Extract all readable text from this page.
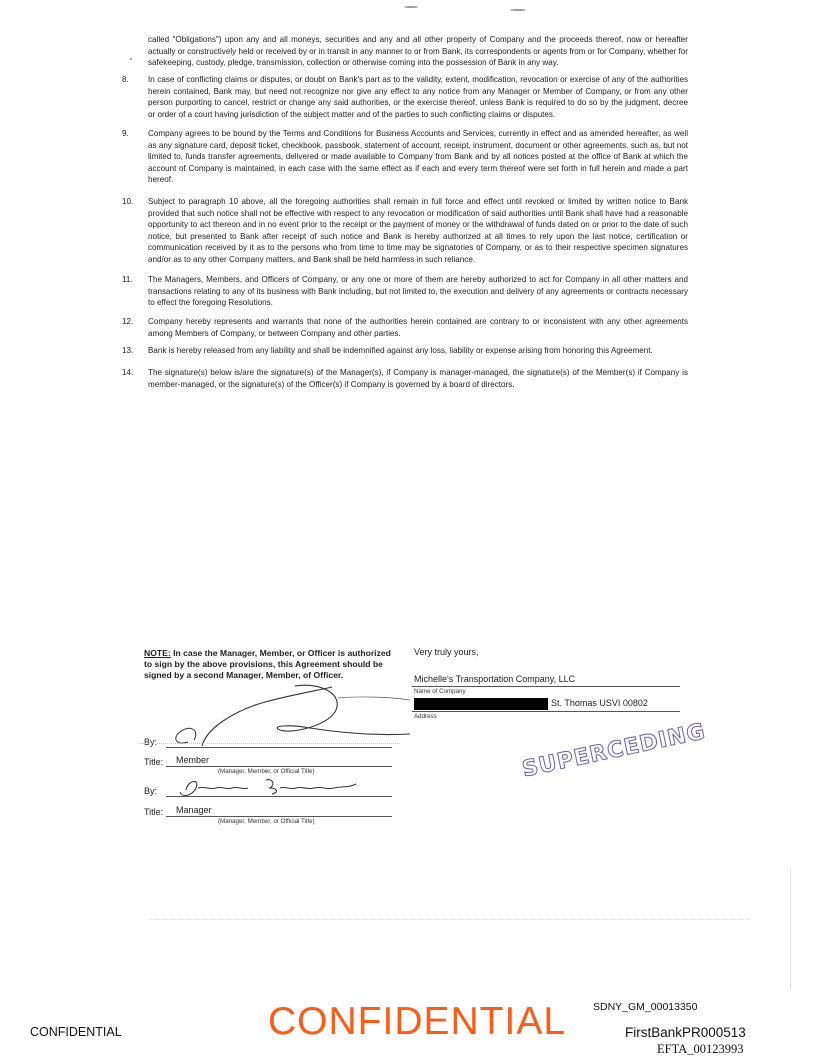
called "Obligations") upon any and all moneys, securities and any and all other property of Company and the proceeds thereof, now or hereafter actually or constructively held or received by or in transit in any manner to or from Bank, its correspondents or agents from or for Company, whether for safekeeping, custody, pledge, transmission, collection or otherwise coming into the possession of Bank in any way.
8.	In case of conflicting claims or disputes, or doubt on Bank's part as to the validity, extent, modification, revocation or exercise of any of the authorities herein contained, Bank may, but need not recognize nor give any effect to any notice from any Manager or Member of Company, or from any other person purporting to cancel, restrict or change any said authorities, or the exercise thereof, unless Bank is required to do so by the judgment, decree or order of a court having jurisdiction of the subject matter and of the parties to such conflicting claims or disputes.
9.	Company agrees to be bound by the Terms and Conditions for Business Accounts and Services, currently in effect and as amended hereafter, as well as any signature card, deposit ticket, checkbook, passbook, statement of account, receipt, instrument, document or other agreements, such as, but not limited to, funds transfer agreements, delivered or made available to Company from Bank and by all notices posted at the office of Bank at which the account of Company is maintained, in each case with the same effect as if each and every term thereof were set forth in full herein and made a part hereof.
10.	Subject to paragraph 10 above, all the foregoing authorities shall remain in full force and effect until revoked or limited by written notice to Bank provided that such notice shall not be effective with respect to any revocation or modification of said authorities until Bank shall have had a reasonable opportunity to act thereon and in no event prior to the receipt or the payment of money or the withdrawal of funds dated on or prior to the date of such notice, but presented to Bank after receipt of such notice and Bank is hereby authorized at all times to rely upon the last notice, certification or communication received by it as to the persons who from time to time may be signatories of Company, or as to their respective specimen signatures and/or as to any other Company matters, and Bank shall be held harmless in such reliance.
11.	The Managers, Members, and Officers of Company, or any one or more of them are hereby authorized to act for Company in all other matters and transactions relating to any of its business with Bank including, but not limited to, the execution and delivery of any agreements or contracts necessary to effect the foregoing Resolutions.
12.	Company hereby represents and warrants that none of the authorities herein contained are contrary to or inconsistent with any other agreements among Members of Company, or between Company and other parties.
13.	Bank is hereby released from any liability and shall be indemnified against any loss, liability or expense arising from honoring this Agreement.
14.	The signature(s) below is/are the signature(s) of the Manager(s), if Company is manager-managed, the signature(s) of the Member(s) if Company is member-managed, or the signature(s) of the Officer(s) if Company is governed by a board of directors.
NOTE: In case the Manager, Member, or Officer is authorized to sign by the above provisions, this Agreement should be signed by a second Manager, Member, of Officer.
Very truly yours,
Michelle's Transportation Company, LLC
Name of Company
St. Thomas USVI 00802
Address
By:
Title: Member
(Manager, Member, or Official Title)
By:
Title: Manager
(Manager, Member, or Official Title)
SUPERCEDING
CONFIDENTIAL
CONFIDENTIAL
SDNY_GM_00013350
FirstBankPR000513
EFTA_00123993
